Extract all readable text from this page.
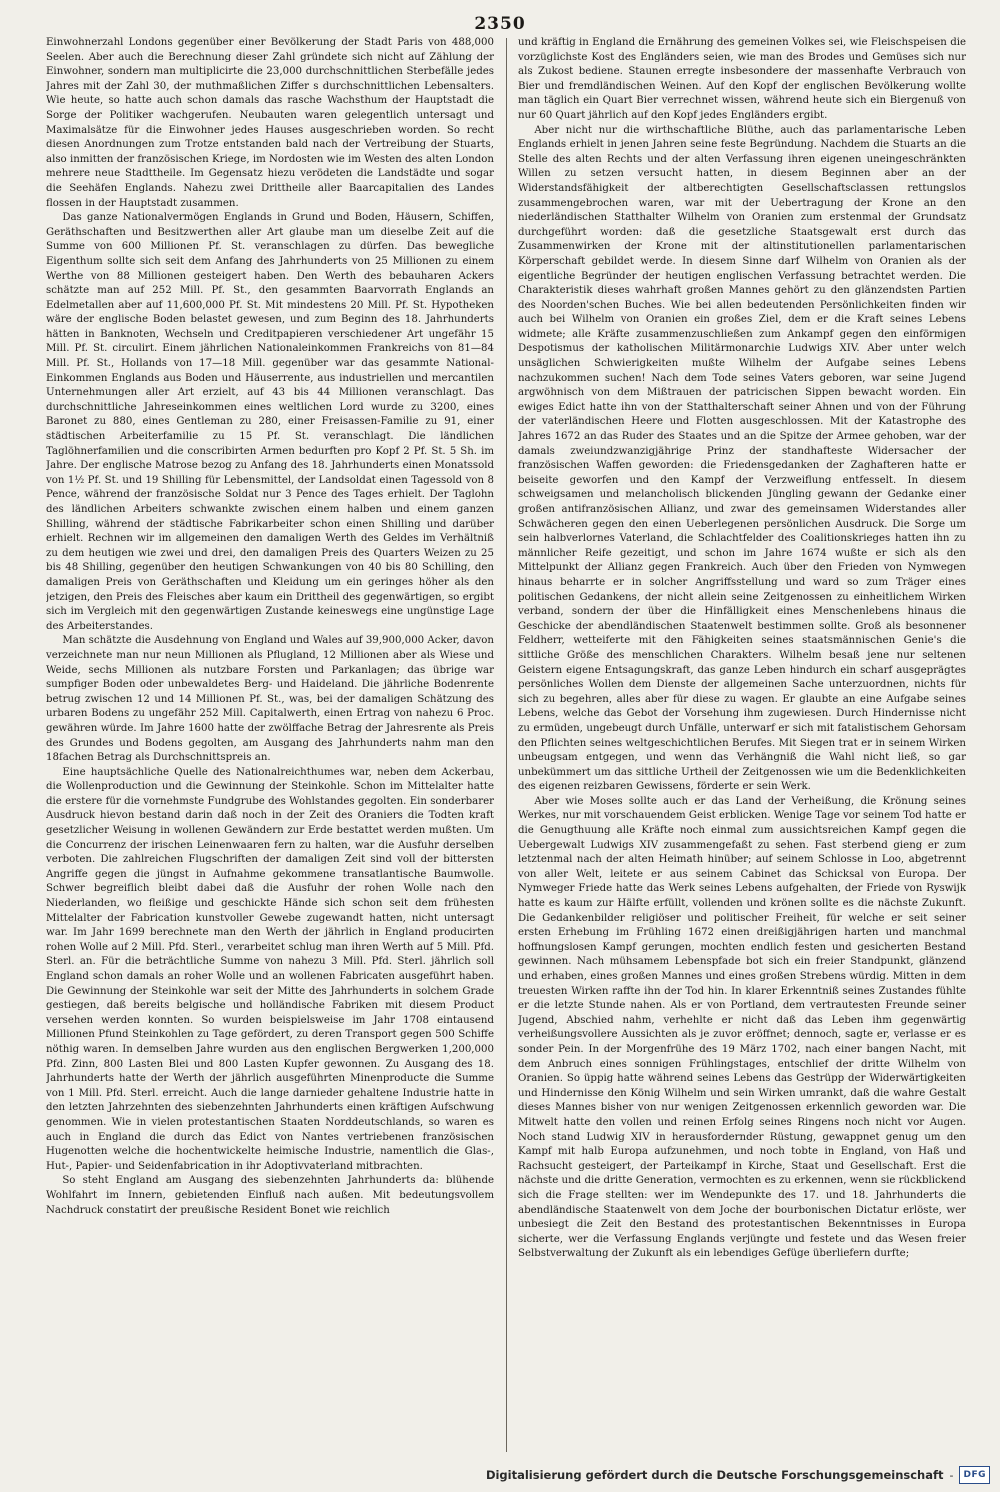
2350

Einwohnerzahl Londons gegenüber einer Bevölkerung der Stadt Paris von 488,000 Seelen. Aber auch die Berechnung dieser Zahl gründete sich nicht auf Zählung der Einwohner, sondern man multiplicirte die 23,000 durchschnittlichen Sterbefälle jedes Jahres mit der Zahl 30, der muthmaßlichen Ziffer s durchschnittlichen Lebensalters. Wie heute, so hatte auch schon damals das rasche Wachsthum der Hauptstadt die Sorge der Politiker wachgerufen. Neubauten waren gelegentlich untersagt und Maximalsätze für die Einwohner jedes Hauses ausgeschrieben worden. So recht diesen Anordnungen zum Trotze entstanden bald nach der Vertreibung der Stuarts, also inmitten der französischen Kriege, im Nordosten wie im Westen des alten London mehrere neue Stadttheile. Im Gegensatz hiezu verödeten die Landstädte und sogar die Seehäfen Englands. Nahezu zwei Drittheile aller Baarcapitalien des Landes flossen in der Hauptstadt zusammen.

Das ganze Nationalvermögen Englands in Grund und Boden, Häusern, Schiffen, Geräthschaften und Besitzwerthen aller Art glaube man um dieselbe Zeit auf die Summe von 600 Millionen Pf. St. veranschlagen zu dürfen. Das bewegliche Eigenthum sollte sich seit dem Anfang des Jahrhunderts von 25 Millionen zu einem Werthe von 88 Millionen gesteigert haben. Den Werth des bebauharen Ackers schätzte man auf 252 Mill. Pf. St., den gesammten Baarvorrath Englands an Edelmetallen aber auf 11,600,000 Pf. St. Mit mindestens 20 Mill. Pf. St. Hypotheken wäre der englische Boden belastet gewesen, und zum Beginn des 18. Jahrhunderts hätten in Banknoten, Wechseln und Creditpapieren verschiedener Art ungefähr 15 Mill. Pf. St. circulirt. Einem jährlichen Nationaleinkommen Frankreichs von 81—84 Mill. Pf. St., Hollands von 17—18 Mill. gegenüber war das gesammte National-Einkommen Englands aus Boden und Häuserrente, aus industriellen und mercantilen Unternehmungen aller Art erzielt, auf 43 bis 44 Millionen veranschlagt. Das durchschnittliche Jahreseinkommen eines weltlichen Lord wurde zu 3200, eines Baronet zu 880, eines Gentleman zu 280, einer Freisassen-Familie zu 91, einer städtischen Arbeiterfamilie zu 15 Pf. St. veranschlagt. Die ländlichen Taglöhnerfamilien und die conscribirten Armen bedurften pro Kopf 2 Pf. St. 5 Sh. im Jahre. Der englische Matrose bezog zu Anfang des 18. Jahrhunderts einen Monatssold von 1½ Pf. St. und 19 Shilling für Lebensmittel, der Landsoldat einen Tagessold von 8 Pence, während der französische Soldat nur 3 Pence des Tages erhielt. Der Taglohn des ländlichen Arbeiters schwankte zwischen einem halben und einem ganzen Shilling, während der städtische Fabrikarbeiter schon einen Shilling und darüber erhielt. Rechnen wir im allgemeinen den damaligen Werth des Geldes im Verhältniß zu dem heutigen wie zwei und drei, den damaligen Preis des Quarters Weizen zu 25 bis 48 Shilling, gegenüber den heutigen Schwankungen von 40 bis 80 Schilling, den damaligen Preis von Geräthschaften und Kleidung um ein geringes höher als den jetzigen, den Preis des Fleisches aber kaum ein Drittheil des gegenwärtigen, so ergibt sich im Vergleich mit den gegenwärtigen Zustande keineswegs eine ungünstige Lage des Arbeiterstandes.

Man schätzte die Ausdehnung von England und Wales auf 39,900,000 Acker, davon verzeichnete man nur neun Millionen als Pflugland, 12 Millionen aber als Wiese und Weide, sechs Millionen als nutzbare Forsten und Parkanlagen; das übrige war sumpfiger Boden oder unbewaldetes Berg- und Haideland. Die jährliche Bodenrente betrug zwischen 12 und 14 Millionen Pf. St., was, bei der damaligen Schätzung des urbaren Bodens zu ungefähr 252 Mill. Capitalwerth, einen Ertrag von nahezu 6 Proc. gewähren würde. Im Jahre 1600 hatte der zwölffache Betrag der Jahresrente als Preis des Grundes und Bodens gegolten, am Ausgang des Jahrhunderts nahm man den 18fachen Betrag als Durchschnittspreis an.

Eine hauptsächliche Quelle des Nationalreichthumes war, neben dem Ackerbau, die Wollenproduction und die Gewinnung der Steinkohle. Schon im Mittelalter hatte die erstere für die vornehmste Fundgrube des Wohlstandes gegolten. Ein sonderbarer Ausdruck hievon bestand darin daß noch in der Zeit des Oraniers die Todten kraft gesetzlicher Weisung in wollenen Gewändern zur Erde bestattet werden mußten. Um die Concurrenz der irischen Leinenwaaren fern zu halten, war die Ausfuhr derselben verboten. Die zahlreichen Flugschriften der damaligen Zeit sind voll der bittersten Angriffe gegen die jüngst in Aufnahme gekommene transatlantische Baumwolle. Schwer begreiflich bleibt dabei daß die Ausfuhr der rohen Wolle nach den Niederlanden, wo fleißige und geschickte Hände sich schon seit dem frühesten Mittelalter der Fabrication kunstvoller Gewebe zugewandt hatten, nicht untersagt war. Im Jahr 1699 berechnete man den Werth der jährlich in England producirten rohen Wolle auf 2 Mill. Pfd. Sterl., verarbeitet schlug man ihren Werth auf 5 Mill. Pfd. Sterl. an. Für die beträchtliche Summe von nahezu 3 Mill. Pfd. Sterl. jährlich soll England schon damals an roher Wolle und an wollenen Fabricaten ausgeführt haben. Die Gewinnung der Steinkohle war seit der Mitte des Jahrhunderts in solchem Grade gestiegen, daß bereits belgische und holländische Fabriken mit diesem Product versehen werden konnten. So wurden beispielsweise im Jahr 1708 eintausend Millionen Pfund Steinkohlen zu Tage gefördert, zu deren Transport gegen 500 Schiffe nöthig waren. In demselben Jahre wurden aus den englischen Bergwerken 1,200,000 Pfd. Zinn, 800 Lasten Blei und 800 Lasten Kupfer gewonnen. Zu Ausgang des 18. Jahrhunderts hatte der Werth der jährlich ausgeführten Minenproducte die Summe von 1 Mill. Pfd. Sterl. erreicht. Auch die lange darnieder gehaltene Industrie hatte in den letzten Jahrzehnten des siebenzehnten Jahrhunderts einen kräftigen Aufschwung genommen. Wie in vielen protestantischen Staaten Norddeutschlands, so waren es auch in England die durch das Edict von Nantes vertriebenen französischen Hugenotten welche die hochentwickelte heimische Industrie, namentlich die Glas-, Hut-, Papier- und Seidenfabrication in ihr Adoptivvaterland mitbrachten.

So steht England am Ausgang des siebenzehnten Jahrhunderts da: blühende Wohlfahrt im Innern, gebietenden Einfluß nach außen. Mit bedeutungsvollem Nachdruck constatirt der preußische Resident Bonet wie reichlich

und kräftig in England die Ernährung des gemeinen Volkes sei, wie Fleischspeisen die vorzüglichste Kost des Engländers seien, wie man des Brodes und Gemüses sich nur als Zukost bediene. Staunen erregte insbesondere der massenhafte Verbrauch von Bier und fremdländischen Weinen. Auf den Kopf der englischen Bevölkerung wollte man täglich ein Quart Bier verrechnet wissen, während heute sich ein Biergenuß von nur 60 Quart jährlich auf den Kopf jedes Engländers ergibt.

Aber nicht nur die wirthschaftliche Blüthe, auch das parlamentarische Leben Englands erhielt in jenen Jahren seine feste Begründung. Nachdem die Stuarts an die Stelle des alten Rechts und der alten Verfassung ihren eigenen uneingeschränkten Willen zu setzen versucht hatten, in diesem Beginnen aber an der Widerstandsfähigkeit der altberechtigten Gesellschaftsclassen rettungslos zusammengebrochen waren, war mit der Uebertragung der Krone an den niederländischen Statthalter Wilhelm von Oranien zum erstenmal der Grundsatz durchgeführt worden: daß die gesetzliche Staatsgewalt erst durch das Zusammenwirken der Krone mit der altinstitutionellen parlamentarischen Körperschaft gebildet werde. In diesem Sinne darf Wilhelm von Oranien als der eigentliche Begründer der heutigen englischen Verfassung betrachtet werden. Die Charakteristik dieses wahrhaft großen Mannes gehört zu den glänzendsten Partien des Noorden'schen Buches. Wie bei allen bedeutenden Persönlichkeiten finden wir auch bei Wilhelm von Oranien ein großes Ziel, dem er die Kraft seines Lebens widmete; alle Kräfte zusammenzuschließen zum Ankampf gegen den einförmigen Despotismus der katholischen Militärmonarchie Ludwigs XIV. Aber unter welch unsäglichen Schwierigkeiten mußte Wilhelm der Aufgabe seines Lebens nachzukommen suchen! Nach dem Tode seines Vaters geboren, war seine Jugend argwöhnisch von dem Mißtrauen der patricischen Sippen bewacht worden. Ein ewiges Edict hatte ihn von der Statthalterschaft seiner Ahnen und von der Führung der vaterländischen Heere und Flotten ausgeschlossen. Mit der Katastrophe des Jahres 1672 an das Ruder des Staates und an die Spitze der Armee gehoben, war der damals zweiundzwanzigjährige Prinz der standhafteste Widersacher der französischen Waffen geworden: die Friedensgedanken der Zaghafteren hatte er beiseite geworfen und den Kampf der Verzweiflung entfesselt. In diesem schweigsamen und melancholisch blickenden Jüngling gewann der Gedanke einer großen antifranzösischen Allianz, und zwar des gemeinsamen Widerstandes aller Schwächeren gegen den einen Ueberlegenen persönlichen Ausdruck. Die Sorge um sein halbverlornes Vaterland, die Schlachtfelder des Coalitionskrieges hatten ihn zu männlicher Reife gezeitigt, und schon im Jahre 1674 wußte er sich als den Mittelpunkt der Allianz gegen Frankreich. Auch über den Frieden von Nymwegen hinaus beharrte er in solcher Angriffsstellung und ward so zum Träger eines politischen Gedankens, der nicht allein seine Zeitgenossen zu einheitlichem Wirken verband, sondern der über die Hinfälligkeit eines Menschenlebens hinaus die Geschicke der abendländischen Staatenwelt bestimmen sollte. Groß als besonnener Feldherr, wetteiferte mit den Fähigkeiten seines staatsmännischen Genie's die sittliche Größe des menschlichen Charakters. Wilhelm besaß jene nur seltenen Geistern eigene Entsagungskraft, das ganze Leben hindurch ein scharf ausgeprägtes persönliches Wollen dem Dienste der allgemeinen Sache unterzuordnen, nichts für sich zu begehren, alles aber für diese zu wagen. Er glaubte an eine Aufgabe seines Lebens, welche das Gebot der Vorsehung ihm zugewiesen. Durch Hindernisse nicht zu ermüden, ungebeugt durch Unfälle, unterwarf er sich mit fatalistischem Gehorsam den Pflichten seines weltgeschichtlichen Berufes. Mit Siegen trat er in seinem Wirken unbeugsam entgegen, und wenn das Verhängniß die Wahl nicht ließ, so gar unbekümmert um das sittliche Urtheil der Zeitgenossen wie um die Bedenklichkeiten des eigenen reizbaren Gewissens, förderte er sein Werk.

Aber wie Moses sollte auch er das Land der Verheißung, die Krönung seines Werkes, nur mit vorschauendem Geist erblicken. Wenige Tage vor seinem Tod hatte er die Genugthuung alle Kräfte noch einmal zum aussichtsreichen Kampf gegen die Uebergewalt Ludwigs XIV zusammengefaßt zu sehen. Fast sterbend gieng er zum letztenmal nach der alten Heimath hinüber; auf seinem Schlosse in Loo, abgetrennt von aller Welt, leitete er aus seinem Cabinet das Schicksal von Europa. Der Nymweger Friede hatte das Werk seines Lebens aufgehalten, der Friede von Ryswijk hatte es kaum zur Hälfte erfüllt, vollenden und krönen sollte es die nächste Zukunft. Die Gedankenbilder religiöser und politischer Freiheit, für welche er seit seiner ersten Erhebung im Frühling 1672 einen dreißigjährigen harten und manchmal hoffnungslosen Kampf gerungen, mochten endlich festen und gesicherten Bestand gewinnen. Nach mühsamem Lebenspfade bot sich ein freier Standpunkt, glänzend und erhaben, eines großen Mannes und eines großen Strebens würdig. Mitten in dem treuesten Wirken raffte ihn der Tod hin. In klarer Erkenntniß seines Zustandes fühlte er die letzte Stunde nahen. Als er von Portland, dem vertrautesten Freunde seiner Jugend, Abschied nahm, verhehlte er nicht daß das Leben ihm gegenwärtig verheißungsvollere Aussichten als je zuvor eröffnet; dennoch, sagte er, verlasse er es sonder Pein. In der Morgenfrühe des 19 März 1702, nach einer bangen Nacht, mit dem Anbruch eines sonnigen Frühlingstages, entschlief der dritte Wilhelm von Oranien. So üppig hatte während seines Lebens das Gestrüpp der Widerwärtigkeiten und Hindernisse den König Wilhelm und sein Wirken umrankt, daß die wahre Gestalt dieses Mannes bisher von nur wenigen Zeitgenossen erkennlich geworden war. Die Mitwelt hatte den vollen und reinen Erfolg seines Ringens noch nicht vor Augen. Noch stand Ludwig XIV in herausfordernder Rüstung, gewappnet genug um den Kampf mit halb Europa aufzunehmen, und noch tobte in England, von Haß und Rachsucht gesteigert, der Parteikampf in Kirche, Staat und Gesellschaft. Erst die nächste und die dritte Generation, vermochten es zu erkennen, wenn sie rückblickend sich die Frage stellten: wer im Wendepunkte des 17. und 18. Jahrhunderts die abendländische Staatenwelt von dem Joche der bourbonischen Dictatur erlöste, wer unbesiegt die Zeit den Bestand des protestantischen Bekenntnisses in Europa sicherte, wer die Verfassung Englands verjüngte und festete und das Wesen freier Selbstverwaltung der Zukunft als ein lebendiges Gefüge überliefern durfte;

Digitalisierung gefördert durch die Deutsche Forschungsgemeinschaft - DFG
